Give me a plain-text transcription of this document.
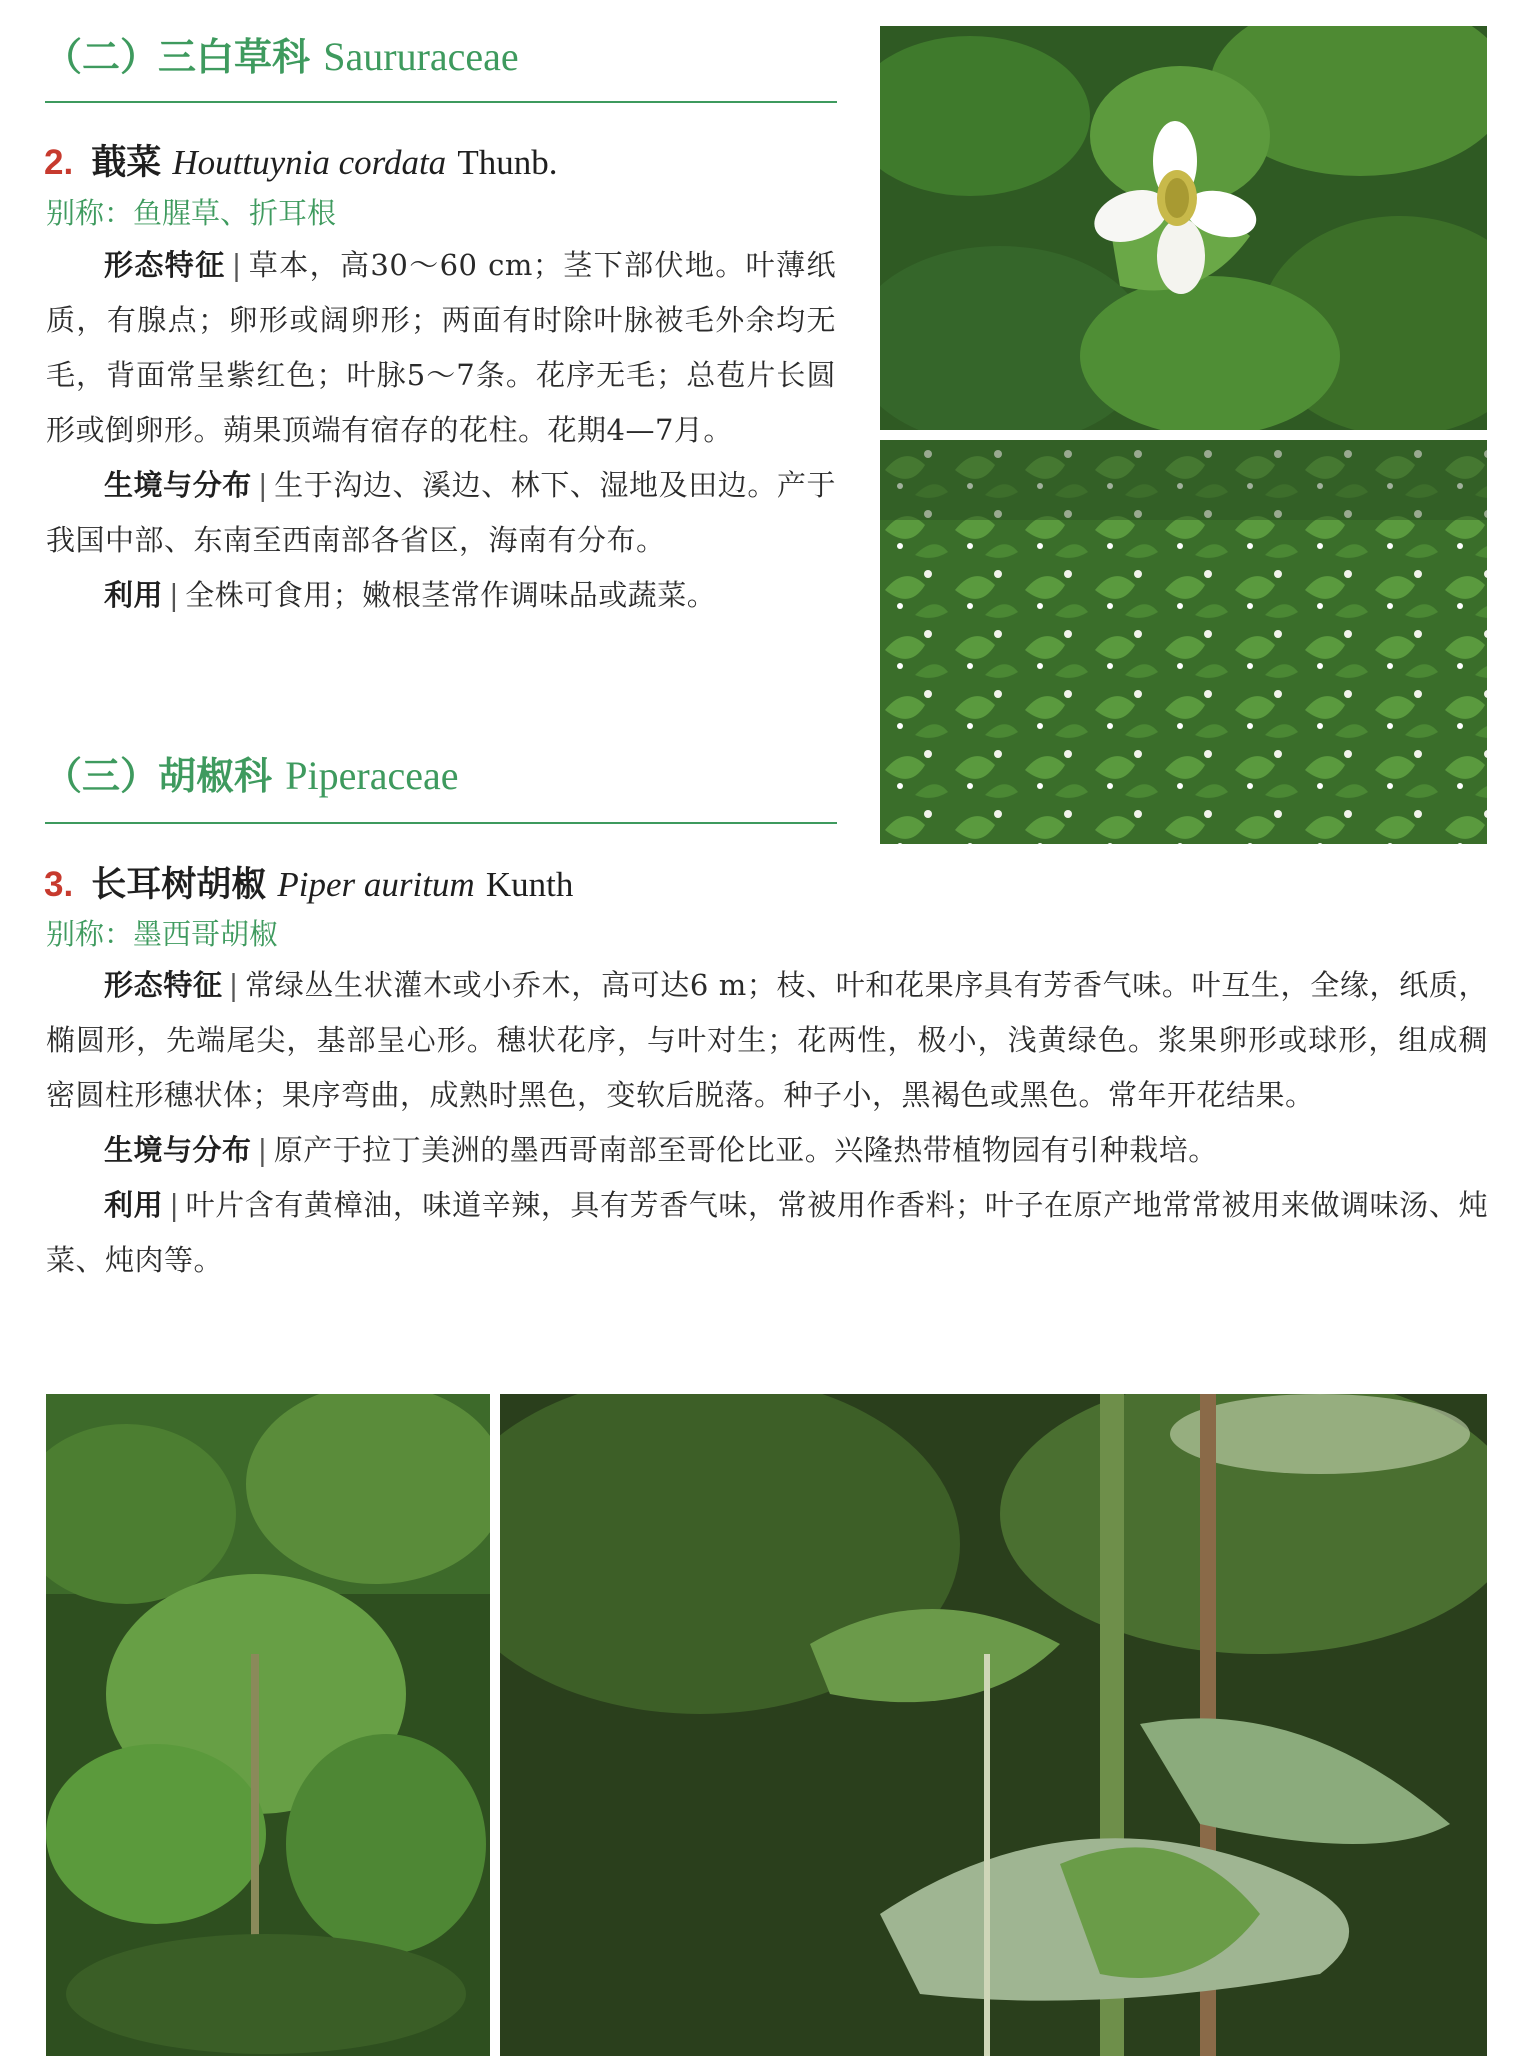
（二）三白草科 Saururaceae
2. 蕺菜 Houttuynia cordata Thunb.
别称：鱼腥草、折耳根

形态特征 | 草本，高30～60 cm；茎下部伏地。叶薄纸质，有腺点；卵形或阔卵形；两面有时除叶脉被毛外余均无毛，背面常呈紫红色；叶脉5～7条。花序无毛；总苞片长圆形或倒卵形。蒴果顶端有宿存的花柱。花期4—7月。

生境与分布 | 生于沟边、溪边、林下、湿地及田边。产于我国中部、东南至西南部各省区，海南有分布。

利用 | 全株可食用；嫩根茎常作调味品或蔬菜。

（三）胡椒科 Piperaceae
3. 长耳树胡椒 Piper auritum Kunth
别称：墨西哥胡椒

形态特征 | 常绿丛生状灌木或小乔木，高可达6 m；枝、叶和花果序具有芳香气味。叶互生，全缘，纸质，椭圆形，先端尾尖，基部呈心形。穗状花序，与叶对生；花两性，极小，浅黄绿色。浆果卵形或球形，组成稠密圆柱形穗状体；果序弯曲，成熟时黑色，变软后脱落。种子小，黑褐色或黑色。常年开花结果。

生境与分布 | 原产于拉丁美洲的墨西哥南部至哥伦比亚。兴隆热带植物园有引种栽培。

利用 | 叶片含有黄樟油，味道辛辣，具有芳香气味，常被用作香料；叶子在原产地常常被用来做调味汤、炖菜、炖肉等。
